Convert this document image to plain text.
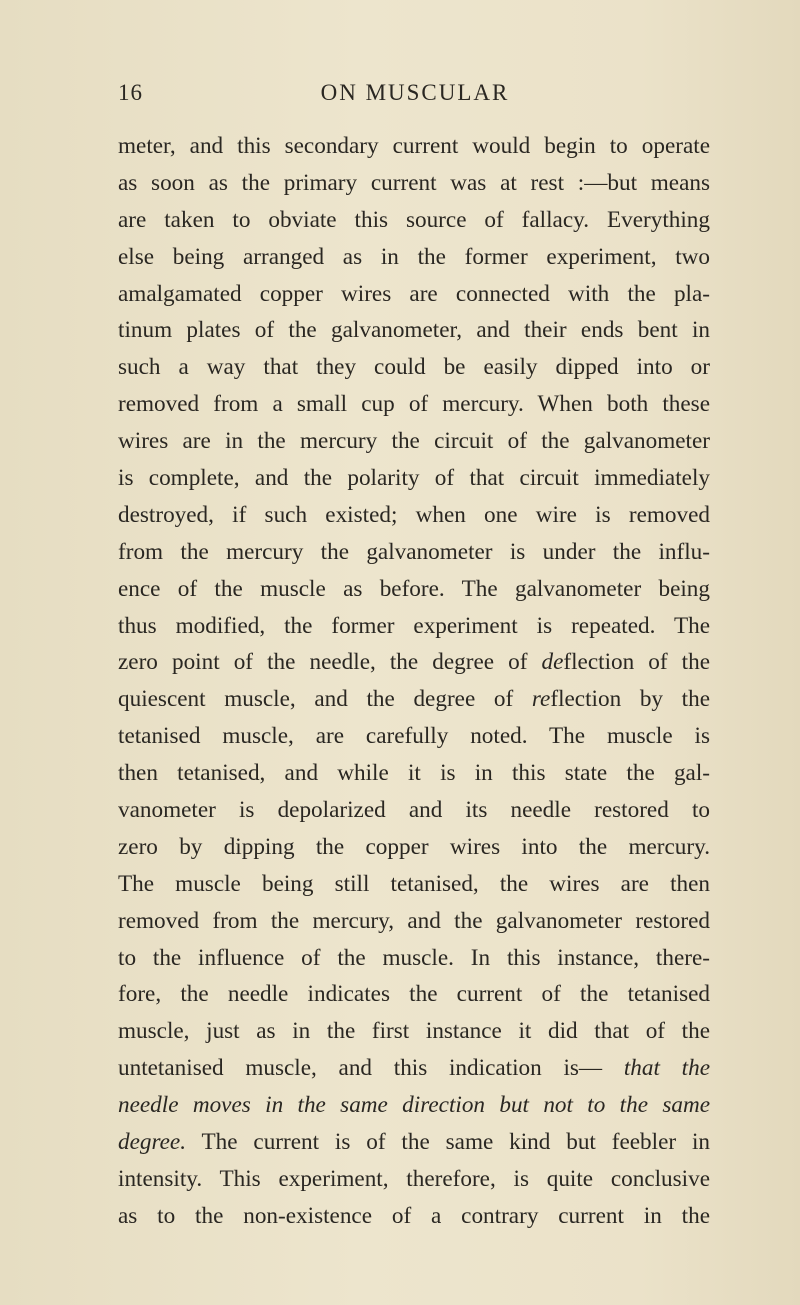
16	ON MUSCULAR
meter, and this secondary current would begin to operate
as soon as the primary current was at rest :—but means
are taken to obviate this source of fallacy. Everything
else being arranged as in the former experiment, two
amalgamated copper wires are connected with the pla-
tinum plates of the galvanometer, and their ends bent in
such a way that they could be easily dipped into or
removed from a small cup of mercury. When both these
wires are in the mercury the circuit of the galvanometer
is complete, and the polarity of that circuit immediately
destroyed, if such existed; when one wire is removed
from the mercury the galvanometer is under the influ-
ence of the muscle as before. The galvanometer being
thus modified, the former experiment is repeated. The
zero point of the needle, the degree of deflection of the
quiescent muscle, and the degree of reflection by the
tetanised muscle, are carefully noted. The muscle is
then tetanised, and while it is in this state the gal-
vanometer is depolarized and its needle restored to
zero by dipping the copper wires into the mercury.
The muscle being still tetanised, the wires are then
removed from the mercury, and the galvanometer restored
to the influence of the muscle. In this instance, there-
fore, the needle indicates the current of the tetanised
muscle, just as in the first instance it did that of the
untetanised muscle, and this indication is— that the
needle moves in the same direction but not to the same
degree. The current is of the same kind but feebler in
intensity. This experiment, therefore, is quite conclusive
as to the non-existence of a contrary current in the
